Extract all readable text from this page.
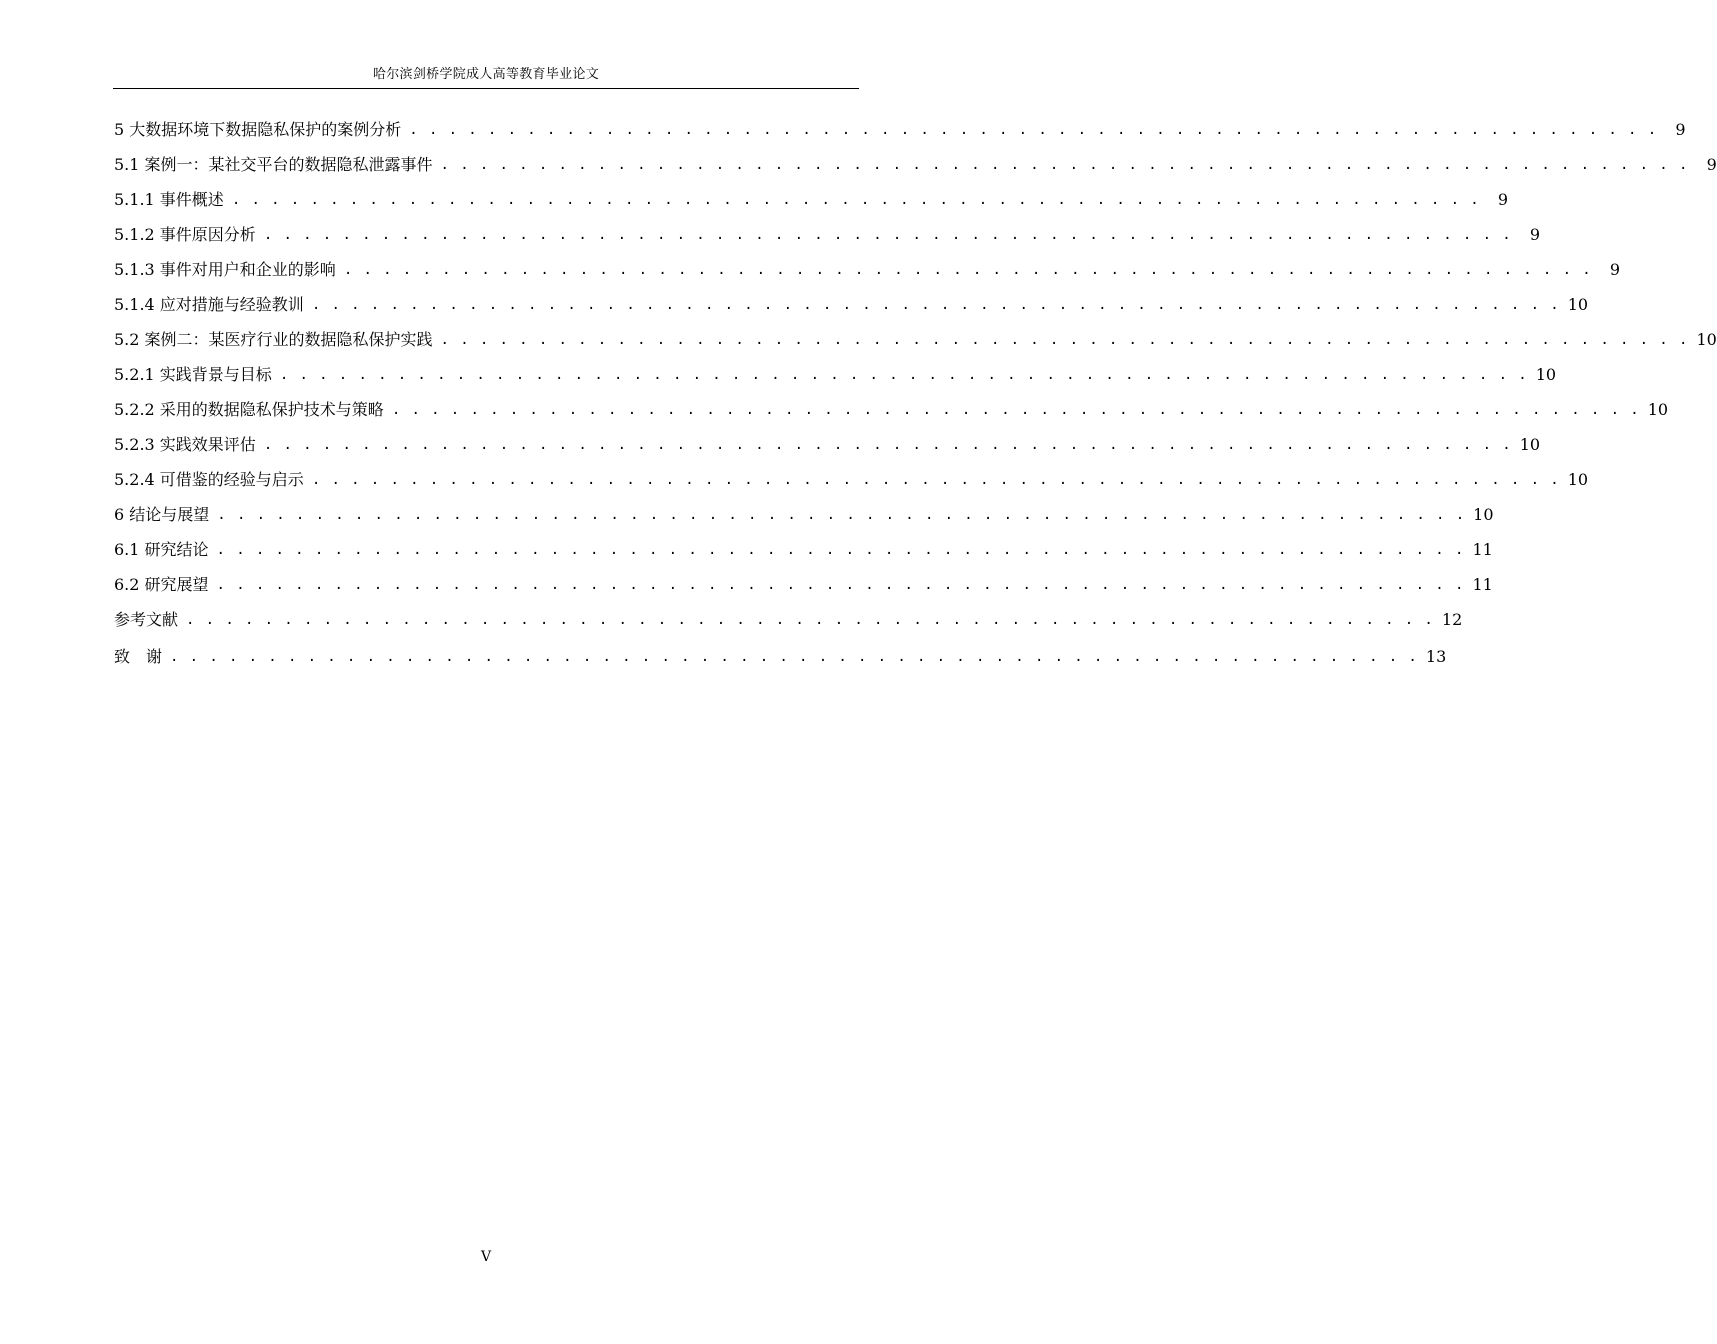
哈尔滨剑桥学院成人高等教育毕业论文
5 大数据环境下数据隐私保护的案例分析 . . . . . . . . . . . . . . . . . . . . . . . . . . . . . . . . . . . . . . . . . . . . . . . . . . . . . . . . . . . . . . . .	9
5.1 案例一：某社交平台的数据隐私泄露事件 . . . . . . . . . . . . . . . . . . . . . . . . . . . . . . . . . . . . . . . . . . . . . . . . . . . . . . . . . . . . . . . .	9
5.1.1 事件概述 . . . . . . . . . . . . . . . . . . . . . . . . . . . . . . . . . . . . . . . . . . . . . . . . . . . . . . . . . . . . . . . .	9
5.1.2 事件原因分析 . . . . . . . . . . . . . . . . . . . . . . . . . . . . . . . . . . . . . . . . . . . . . . . . . . . . . . . . . . . . . . . .	9
5.1.3 事件对用户和企业的影响 . . . . . . . . . . . . . . . . . . . . . . . . . . . . . . . . . . . . . . . . . . . . . . . . . . . . . . . . . . . . . . . .	9
5.1.4 应对措施与经验教训 . . . . . . . . . . . . . . . . . . . . . . . . . . . . . . . . . . . . . . . . . . . . . . . . . . . . . . . . . . . . . . . . 10
5.2 案例二：某医疗行业的数据隐私保护实践 . . . . . . . . . . . . . . . . . . . . . . . . . . . . . . . . . . . . . . . . . . . . . . . . . . . . . . . . . . . . . . . . 10
5.2.1 实践背景与目标 . . . . . . . . . . . . . . . . . . . . . . . . . . . . . . . . . . . . . . . . . . . . . . . . . . . . . . . . . . . . . . . . 10
5.2.2 采用的数据隐私保护技术与策略 . . . . . . . . . . . . . . . . . . . . . . . . . . . . . . . . . . . . . . . . . . . . . . . . . . . . . . . . . . . . . . . . 10
5.2.3 实践效果评估 . . . . . . . . . . . . . . . . . . . . . . . . . . . . . . . . . . . . . . . . . . . . . . . . . . . . . . . . . . . . . . . . 10
5.2.4 可借鉴的经验与启示 . . . . . . . . . . . . . . . . . . . . . . . . . . . . . . . . . . . . . . . . . . . . . . . . . . . . . . . . . . . . . . . . 10
6 结论与展望 . . . . . . . . . . . . . . . . . . . . . . . . . . . . . . . . . . . . . . . . . . . . . . . . . . . . . . . . . . . . . . . . 10
6.1 研究结论 . . . . . . . . . . . . . . . . . . . . . . . . . . . . . . . . . . . . . . . . . . . . . . . . . . . . . . . . . . . . . . . . 11
6.2 研究展望 . . . . . . . . . . . . . . . . . . . . . . . . . . . . . . . . . . . . . . . . . . . . . . . . . . . . . . . . . . . . . . . . 11
参考文献 . . . . . . . . . . . . . . . . . . . . . . . . . . . . . . . . . . . . . . . . . . . . . . . . . . . . . . . . . . . . . . . . 12
致　谢 . . . . . . . . . . . . . . . . . . . . . . . . . . . . . . . . . . . . . . . . . . . . . . . . . . . . . . . . . . . . . . . . 13
V
